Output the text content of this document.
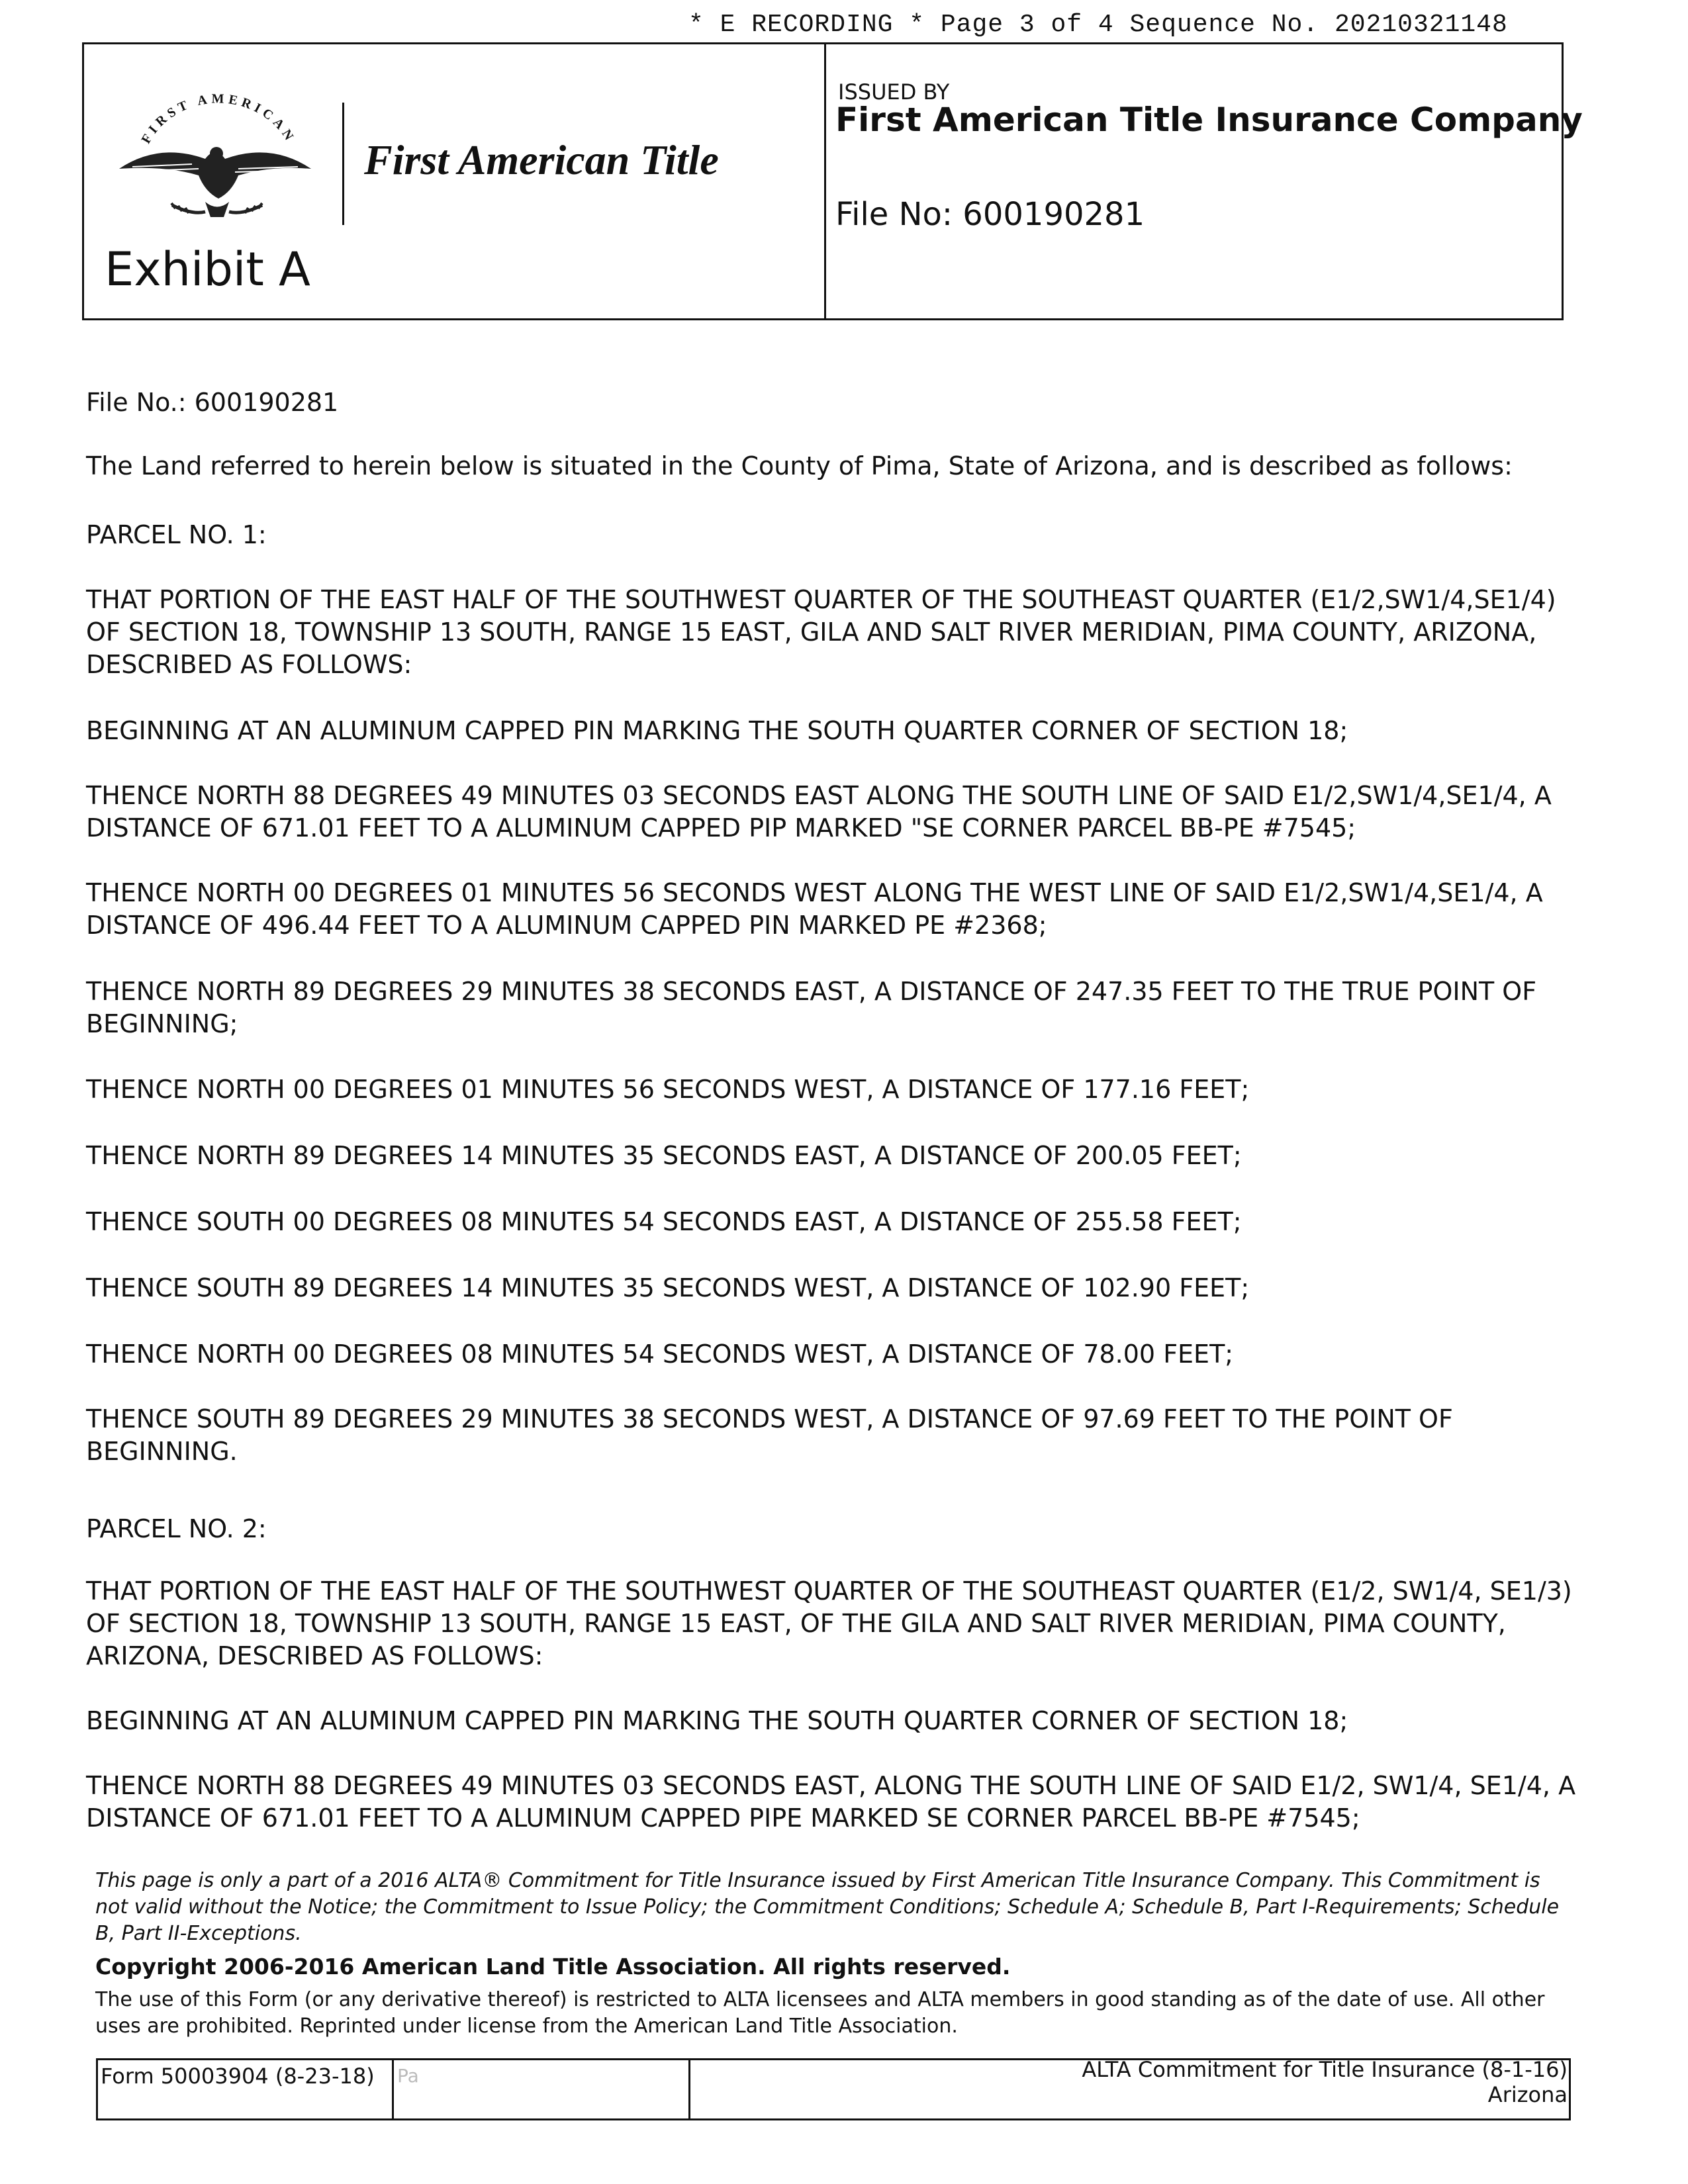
* E RECORDING * Page 3 of 4 Sequence No. 20210321148
FIRST AMERICAN First American Title
Exhibit A
ISSUED BY
First American Title Insurance Company
File No: 600190281

File No.: 600190281

The Land referred to herein below is situated in the County of Pima, State of Arizona, and is described as follows:

PARCEL NO. 1:

THAT PORTION OF THE EAST HALF OF THE SOUTHWEST QUARTER OF THE SOUTHEAST QUARTER (E1/2,SW1/4,SE1/4) OF SECTION 18, TOWNSHIP 13 SOUTH, RANGE 15 EAST, GILA AND SALT RIVER MERIDIAN, PIMA COUNTY, ARIZONA, DESCRIBED AS FOLLOWS:

BEGINNING AT AN ALUMINUM CAPPED PIN MARKING THE SOUTH QUARTER CORNER OF SECTION 18;

THENCE NORTH 88 DEGREES 49 MINUTES 03 SECONDS EAST ALONG THE SOUTH LINE OF SAID E1/2,SW1/4,SE1/4, A DISTANCE OF 671.01 FEET TO A ALUMINUM CAPPED PIP MARKED "SE CORNER PARCEL BB-PE #7545;

THENCE NORTH 00 DEGREES 01 MINUTES 56 SECONDS WEST ALONG THE WEST LINE OF SAID E1/2,SW1/4,SE1/4, A DISTANCE OF 496.44 FEET TO A ALUMINUM CAPPED PIN MARKED PE #2368;

THENCE NORTH 89 DEGREES 29 MINUTES 38 SECONDS EAST, A DISTANCE OF 247.35 FEET TO THE TRUE POINT OF BEGINNING;

THENCE NORTH 00 DEGREES 01 MINUTES 56 SECONDS WEST, A DISTANCE OF 177.16 FEET;

THENCE NORTH 89 DEGREES 14 MINUTES 35 SECONDS EAST, A DISTANCE OF 200.05 FEET;

THENCE SOUTH 00 DEGREES 08 MINUTES 54 SECONDS EAST, A DISTANCE OF 255.58 FEET;

THENCE SOUTH 89 DEGREES 14 MINUTES 35 SECONDS WEST, A DISTANCE OF 102.90 FEET;

THENCE NORTH 00 DEGREES 08 MINUTES 54 SECONDS WEST, A DISTANCE OF 78.00 FEET;

THENCE SOUTH 89 DEGREES 29 MINUTES 38 SECONDS WEST, A DISTANCE OF 97.69 FEET TO THE POINT OF BEGINNING.

PARCEL NO. 2:

THAT PORTION OF THE EAST HALF OF THE SOUTHWEST QUARTER OF THE SOUTHEAST QUARTER (E1/2, SW1/4, SE1/3) OF SECTION 18, TOWNSHIP 13 SOUTH, RANGE 15 EAST, OF THE GILA AND SALT RIVER MERIDIAN, PIMA COUNTY, ARIZONA, DESCRIBED AS FOLLOWS:

BEGINNING AT AN ALUMINUM CAPPED PIN MARKING THE SOUTH QUARTER CORNER OF SECTION 18;

THENCE NORTH 88 DEGREES 49 MINUTES 03 SECONDS EAST, ALONG THE SOUTH LINE OF SAID E1/2, SW1/4, SE1/4, A DISTANCE OF 671.01 FEET TO A ALUMINUM CAPPED PIPE MARKED SE CORNER PARCEL BB-PE #7545;

This page is only a part of a 2016 ALTA® Commitment for Title Insurance issued by First American Title Insurance Company. This Commitment is not valid without the Notice; the Commitment to Issue Policy; the Commitment Conditions; Schedule A; Schedule B, Part I-Requirements; Schedule B, Part II-Exceptions.
Copyright 2006-2016 American Land Title Association. All rights reserved.
The use of this Form (or any derivative thereof) is restricted to ALTA licensees and ALTA members in good standing as of the date of use. All other uses are prohibited. Reprinted under license from the American Land Title Association.
Form 50003904 (8-23-18) Pa	ALTA Commitment for Title Insurance (8-1-16)
Arizona
